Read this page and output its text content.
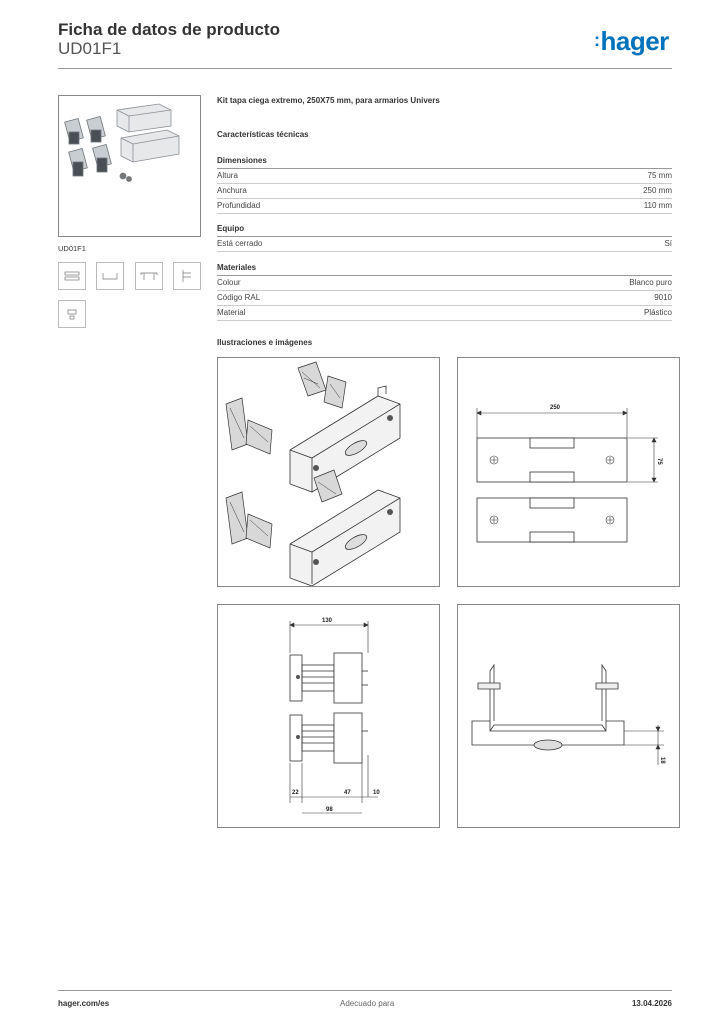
Ficha de datos de producto
UD01F1	:hager
UD01F1
Kit tapa ciega extremo, 250X75 mm, para armarios Univers
Características técnicas
Dimensiones
Altura	75 mm
Anchura	250 mm
Profundidad	110 mm
Equipo
Está cerrado	Sí
Materiales
Colour	Blanco puro
Código RAL	9010
Material	Plástico
Ilustraciones e imágenes
250
75
130
22	47	10
98
18
hager.com/es	Adecuado para	13.04.2026
